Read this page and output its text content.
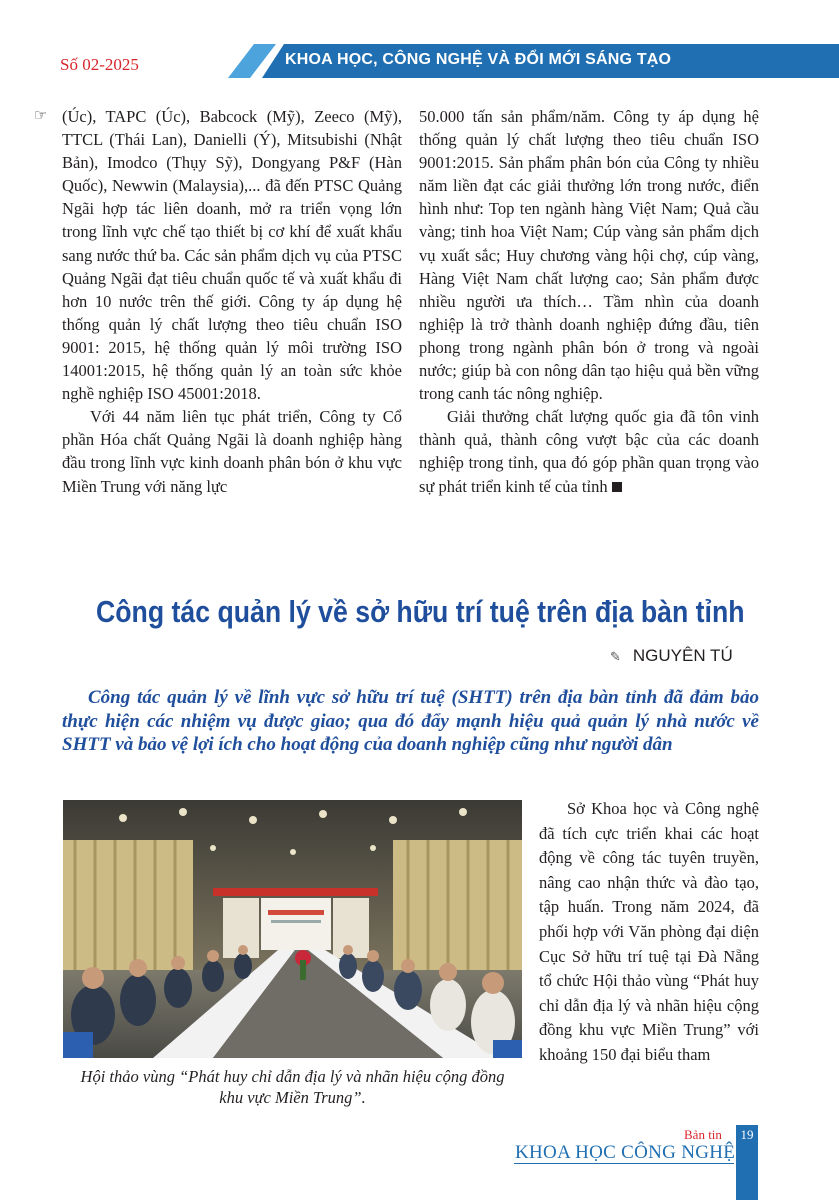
Số 02-2025	KHOA HỌC, CÔNG NGHỆ VÀ ĐỔI MỚI SÁNG TẠO
☞ (Úc), TAPC (Úc), Babcock (Mỹ), Zeeco (Mỹ), TTCL (Thái Lan), Danielli (Ý), Mitsubishi (Nhật Bản), Imodco (Thụy Sỹ), Dongyang P&F (Hàn Quốc), Newwin (Malaysia),... đã đến PTSC Quảng Ngãi hợp tác liên doanh, mở ra triển vọng lớn trong lĩnh vực chế tạo thiết bị cơ khí để xuất khẩu sang nước thứ ba. Các sản phẩm dịch vụ của PTSC Quảng Ngãi đạt tiêu chuẩn quốc tế và xuất khẩu đi hơn 10 nước trên thế giới. Công ty áp dụng hệ thống quản lý chất lượng theo tiêu chuẩn ISO 9001: 2015, hệ thống quản lý môi trường ISO 14001:2015, hệ thống quản lý an toàn sức khỏe nghề nghiệp ISO 45001:2018.

Với 44 năm liên tục phát triển, Công ty Cổ phần Hóa chất Quảng Ngãi là doanh nghiệp hàng đầu trong lĩnh vực kinh doanh phân bón ở khu vực Miền Trung với năng lực

50.000 tấn sản phẩm/năm. Công ty áp dụng hệ thống quản lý chất lượng theo tiêu chuẩn ISO 9001:2015. Sản phẩm phân bón của Công ty nhiều năm liền đạt các giải thưởng lớn trong nước, điển hình như: Top ten ngành hàng Việt Nam; Quả cầu vàng; tinh hoa Việt Nam; Cúp vàng sản phẩm dịch vụ xuất sắc; Huy chương vàng hội chợ, cúp vàng, Hàng Việt Nam chất lượng cao; Sản phẩm được nhiều người ưa thích… Tầm nhìn của doanh nghiệp là trở thành doanh nghiệp đứng đầu, tiên phong trong ngành phân bón ở trong và ngoài nước; giúp bà con nông dân tạo hiệu quả bền vững trong canh tác nông nghiệp.

Giải thưởng chất lượng quốc gia đã tôn vinh thành quả, thành công vượt bậc của các doanh nghiệp trong tỉnh, qua đó góp phần quan trọng vào sự phát triển kinh tế của tỉnh

Công tác quản lý về sở hữu trí tuệ trên địa bàn tỉnh
✎ NGUYÊN TÚ
Công tác quản lý về lĩnh vực sở hữu trí tuệ (SHTT) trên địa bàn tỉnh đã đảm bảo thực hiện các nhiệm vụ được giao; qua đó đẩy mạnh hiệu quả quản lý nhà nước về SHTT và bảo vệ lợi ích cho hoạt động của doanh nghiệp cũng như người dân
Hội thảo vùng “Phát huy chỉ dẫn địa lý và nhãn hiệu cộng đồng khu vực Miền Trung”.

Sở Khoa học và Công nghệ đã tích cực triển khai các hoạt động về công tác tuyên truyền, nâng cao nhận thức và đào tạo, tập huấn. Trong năm 2024, đã phối hợp với Văn phòng đại diện Cục Sở hữu trí tuệ tại Đà Nẵng tổ chức Hội thảo vùng “Phát huy chỉ dẫn địa lý và nhãn hiệu cộng đồng khu vực Miền Trung” với khoảng 150 đại biểu tham

Bản tin
KHOA HỌC CÔNG NGHỆ
19
